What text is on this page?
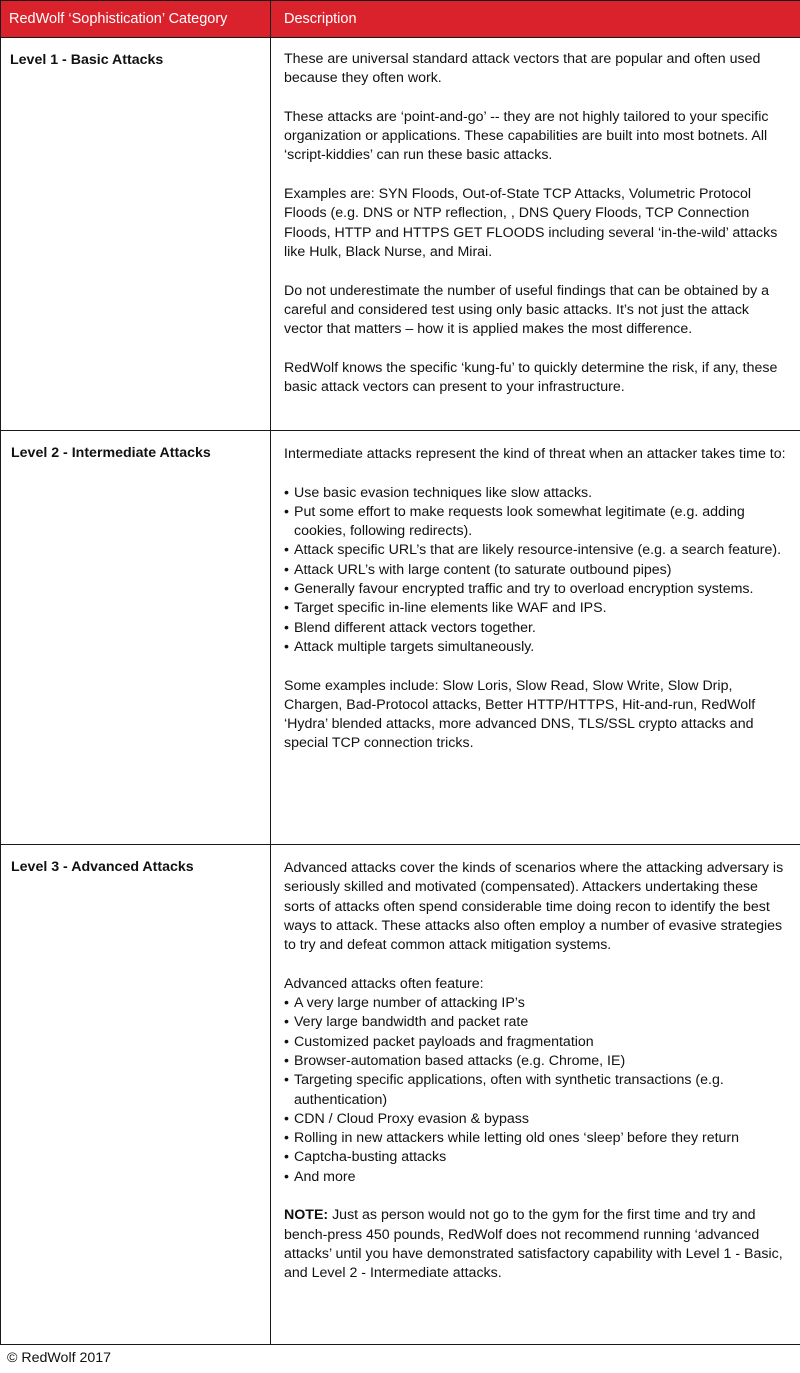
RedWolf ‘Sophistication’ Category	Description
Level 1 - Basic Attacks	These are universal standard attack vectors that are popular and often used because they often work.
These attacks are ‘point-and-go’ -- they are not highly tailored to your specific organization or applications. These capabilities are built into most botnets. All ‘script-kiddies’ can run these basic attacks.
Examples are: SYN Floods, Out-of-State TCP Attacks, Volumetric Protocol Floods (e.g. DNS or NTP reflection, , DNS Query Floods, TCP Connection Floods, HTTP and HTTPS GET FLOODS including several ‘in-the-wild’ attacks like Hulk, Black Nurse, and Mirai.
Do not underestimate the number of useful findings that can be obtained by a careful and considered test using only basic attacks. It’s not just the attack vector that matters – how it is applied makes the most difference.
RedWolf knows the specific ‘kung-fu’ to quickly determine the risk, if any, these basic attack vectors can present to your infrastructure.

Level 2 - Intermediate Attacks	Intermediate attacks represent the kind of threat when an attacker takes time to:
• Use basic evasion techniques like slow attacks.
• Put some effort to make requests look somewhat legitimate (e.g. adding cookies, following redirects).
• Attack specific URL’s that are likely resource-intensive (e.g. a search feature).
• Attack URL’s with large content (to saturate outbound pipes)
• Generally favour encrypted traffic and try to overload encryption systems.
• Target specific in-line elements like WAF and IPS.
• Blend different attack vectors together.
• Attack multiple targets simultaneously.
Some examples include: Slow Loris, Slow Read, Slow Write, Slow Drip, Chargen, Bad-Protocol attacks, Better HTTP/HTTPS, Hit-and-run, RedWolf ‘Hydra’ blended attacks, more advanced DNS, TLS/SSL crypto attacks and special TCP connection tricks.

Level 3 - Advanced Attacks	Advanced attacks cover the kinds of scenarios where the attacking adversary is seriously skilled and motivated (compensated). Attackers undertaking these sorts of attacks often spend considerable time doing recon to identify the best ways to attack. These attacks also often employ a number of evasive strategies to try and defeat common attack mitigation systems.
Advanced attacks often feature:
• A very large number of attacking IP’s
• Very large bandwidth and packet rate
• Customized packet payloads and fragmentation
• Browser-automation based attacks (e.g. Chrome, IE)
• Targeting specific applications, often with synthetic transactions (e.g. authentication)
• CDN / Cloud Proxy evasion & bypass
• Rolling in new attackers while letting old ones ‘sleep’ before they return
• Captcha-busting attacks
• And more
NOTE: Just as person would not go to the gym for the first time and try and bench-press 450 pounds, RedWolf does not recommend running ‘advanced attacks’ until you have demonstrated satisfactory capability with Level 1 - Basic, and Level 2 - Intermediate attacks.
© RedWolf 2017
